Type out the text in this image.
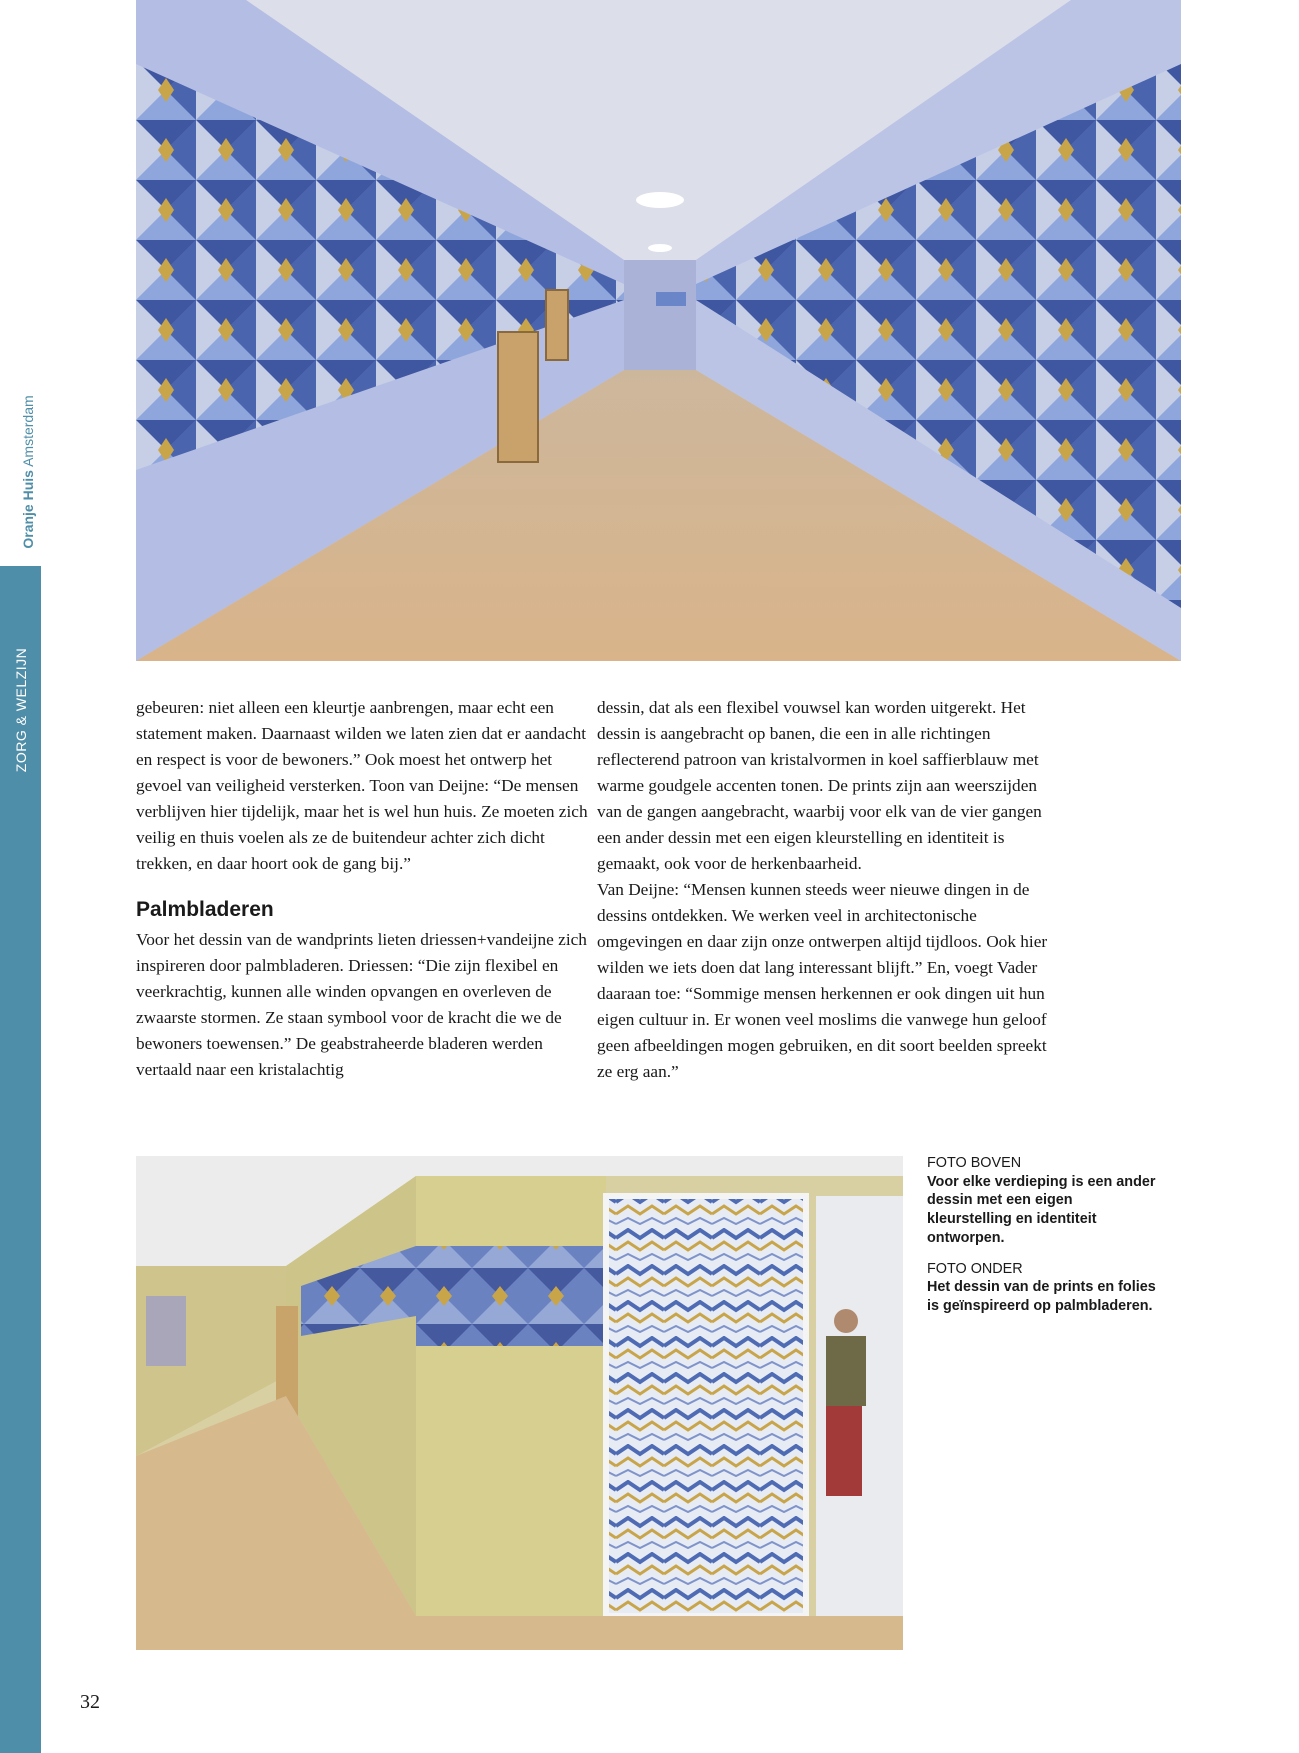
ZORG & WELZIJN
Oranje Huis Amsterdam

gebeuren: niet alleen een kleurtje aanbrengen, maar echt een statement maken. Daarnaast wilden we laten zien dat er aandacht en respect is voor de bewoners.” Ook moest het ontwerp het gevoel van veiligheid versterken. Toon van Deijne: “De mensen verblijven hier tijdelijk, maar het is wel hun huis. Ze moeten zich veilig en thuis voelen als ze de buitendeur achter zich dicht trekken, en daar hoort ook de gang bij.”

Palmbladeren

Voor het dessin van de wandprints lieten driessen+vandeijne zich inspireren door palmbladeren. Driessen: “Die zijn flexibel en veerkrachtig, kunnen alle winden opvangen en overleven de zwaarste stormen. Ze staan symbool voor de kracht die we de bewoners toewensen.” De geabstraheerde bladeren werden vertaald naar een kristalachtig

dessin, dat als een flexibel vouwsel kan worden uitgerekt. Het dessin is aangebracht op banen, die een in alle richtingen reflecterend patroon van kristalvormen in koel saffierblauw met warme goudgele accenten tonen. De prints zijn aan weerszijden van de gangen aangebracht, waarbij voor elk van de vier gangen een ander dessin met een eigen kleurstelling en identiteit is gemaakt, ook voor de herkenbaarheid.

Van Deijne: “Mensen kunnen steeds weer nieuwe dingen in de dessins ontdekken. We werken veel in architectonische omgevingen en daar zijn onze ontwerpen altijd tijdloos. Ook hier wilden we iets doen dat lang interessant blijft.” En, voegt Vader daaraan toe: “Sommige mensen herkennen er ook dingen uit hun eigen cultuur in. Er wonen veel moslims die vanwege hun geloof geen afbeeldingen mogen gebruiken, en dit soort beelden spreekt ze erg aan.”

FOTO BOVEN
Voor elke verdieping is een ander dessin met een eigen kleurstelling en identiteit ontworpen.
FOTO ONDER
Het dessin van de prints en folies is geïnspireerd op palmbladeren.
32
